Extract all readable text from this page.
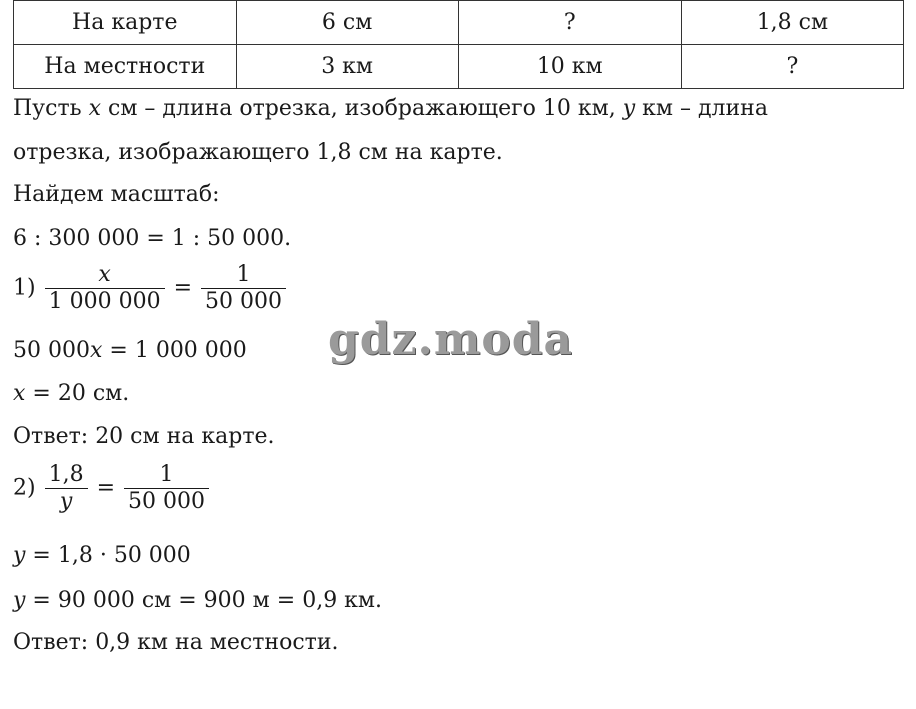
На карте	6 см	?	1,8 см
На местности	3 км	10 км	?
Пусть x см – длина отрезка, изображающего 10 км, y км – длина
отрезка, изображающего 1,8 см на карте.
Найдем масштаб:
6 : 300 000 = 1 : 50 000.
$1) \frac{x}{1 000 000} = \frac{1}{50 000}$
50 000x = 1 000 000
x = 20 см.
Ответ: 20 см на карте.
$2) \frac{1,8}{y} = \frac{1}{50 000}$
y = 1,8 · 50 000
y = 90 000 см = 900 м = 0,9 км.
Ответ: 0,9 км на местности.
gdz.moda
